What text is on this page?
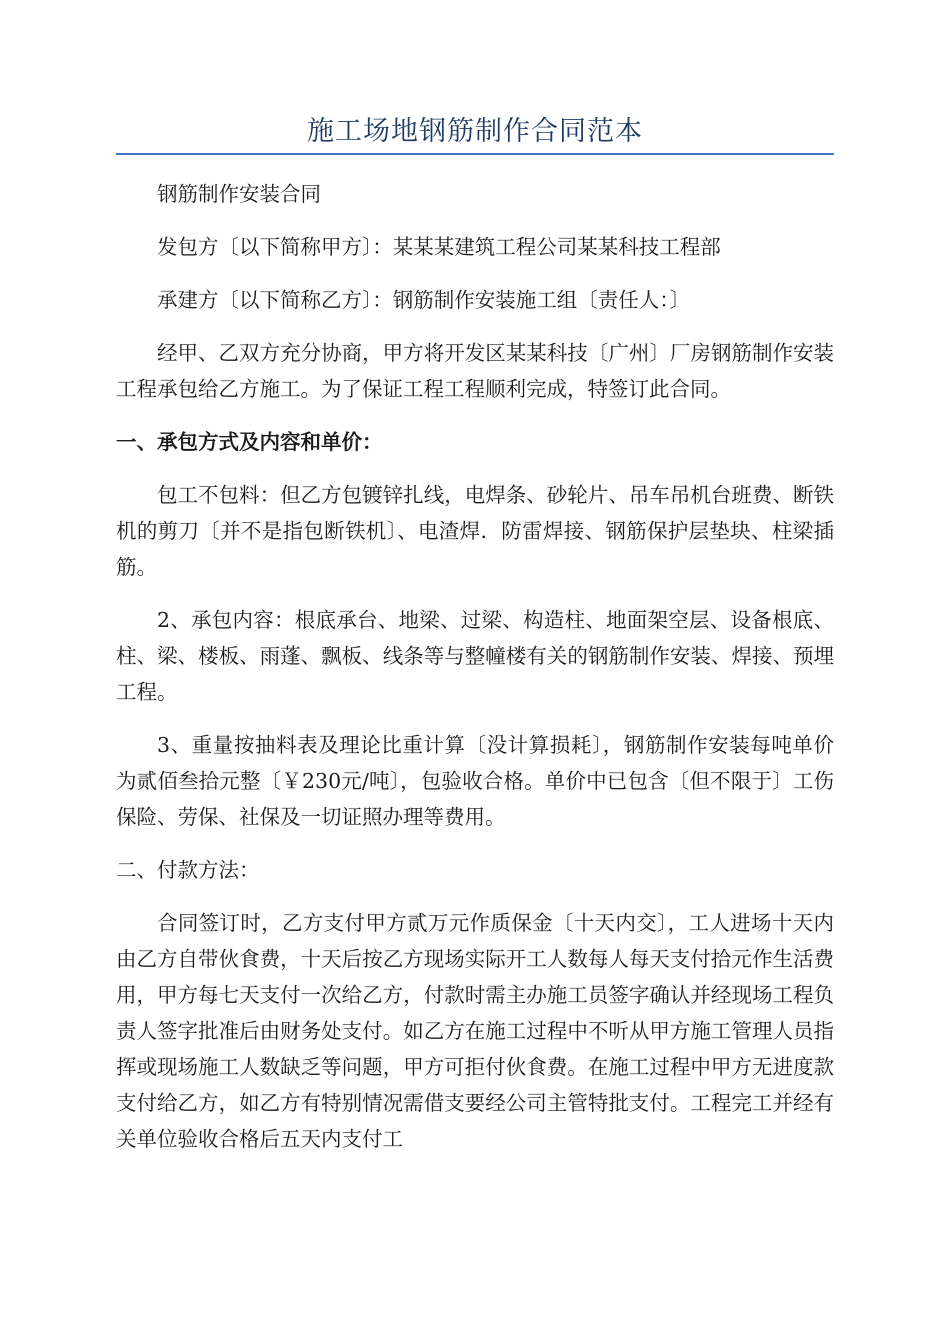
施工场地钢筋制作合同范本

钢筋制作安装合同

发包方〔以下简称甲方〕：某某某建筑工程公司某某科技工程部

承建方〔以下简称乙方〕：钢筋制作安装施工组〔责任人：〕

经甲、乙双方充分协商，甲方将开发区某某科技〔广州〕厂房钢筋制作安装工程承包给乙方施工。为了保证工程工程顺利完成，特签订此合同。

一、承包方式及内容和单价：

包工不包料：但乙方包镀锌扎线，电焊条、砂轮片、吊车吊机台班费、断铁机的剪刀〔并不是指包断铁机〕、电渣焊．防雷焊接、钢筋保护层垫块、柱梁插筋。

2、承包内容：根底承台、地梁、过梁、构造柱、地面架空层、设备根底、柱、梁、楼板、雨蓬、飘板、线条等与整幢楼有关的钢筋制作安装、焊接、预埋工程。

3、重量按抽料表及理论比重计算〔没计算损耗〕，钢筋制作安装每吨单价为贰佰叁拾元整〔￥230元/吨〕，包验收合格。单价中已包含〔但不限于〕工伤保险、劳保、社保及一切证照办理等费用。

二、付款方法：

合同签订时，乙方支付甲方贰万元作质保金〔十天内交〕，工人进场十天内由乙方自带伙食费，十天后按乙方现场实际开工人数每人每天支付拾元作生活费用，甲方每七天支付一次给乙方，付款时需主办施工员签字确认并经现场工程负责人签字批准后由财务处支付。如乙方在施工过程中不听从甲方施工管理人员指挥或现场施工人数缺乏等问题，甲方可拒付伙食费。在施工过程中甲方无进度款支付给乙方，如乙方有特别情况需借支要经公司主管特批支付。工程完工并经有关单位验收合格后五天内支付工
